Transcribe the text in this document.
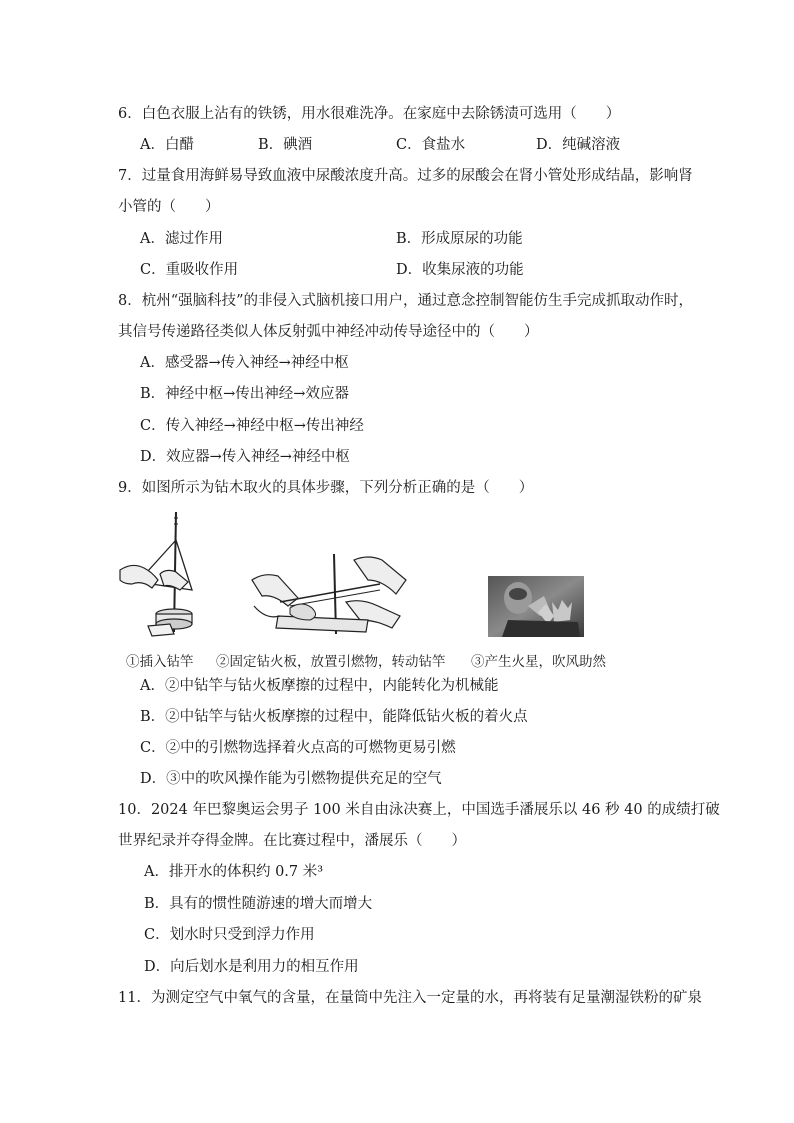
6．白色衣服上沾有的铁锈，用水很难洗净。在家庭中去除锈渍可选用（　　）
A．白醋	B．碘酒	C．食盐水	D．纯碱溶液
7．过量食用海鲜易导致血液中尿酸浓度升高。过多的尿酸会在肾小管处形成结晶，影响肾
小管的（　　）
A．滤过作用	B．形成原尿的功能
C．重吸收作用	D．收集尿液的功能
8．杭州“强脑科技”的非侵入式脑机接口用户，通过意念控制智能仿生手完成抓取动作时，
其信号传递路径类似人体反射弧中神经冲动传导途径中的（　　）
A．感受器→传入神经→神经中枢
B．神经中枢→传出神经→效应器
C．传入神经→神经中枢→传出神经
D．效应器→传入神经→神经中枢
9．如图所示为钻木取火的具体步骤，下列分析正确的是（　　）
①插入钻竿 ②固定钻火板，放置引燃物，转动钻竿 ③产生火星，吹风助然
A．②中钻竿与钻火板摩擦的过程中，内能转化为机械能
B．②中钻竿与钻火板摩擦的过程中，能降低钻火板的着火点
C．②中的引燃物选择着火点高的可燃物更易引燃
D．③中的吹风操作能为引燃物提供充足的空气
10．2024 年巴黎奥运会男子 100 米自由泳决赛上，中国选手潘展乐以 46 秒 40 的成绩打破
世界纪录并夺得金牌。在比赛过程中，潘展乐（　　）
A．排开水的体积约 0.7 米³
B．具有的惯性随游速的增大而增大
C．划水时只受到浮力作用
D．向后划水是利用力的相互作用
11．为测定空气中氧气的含量，在量筒中先注入一定量的水，再将装有足量潮湿铁粉的矿泉
